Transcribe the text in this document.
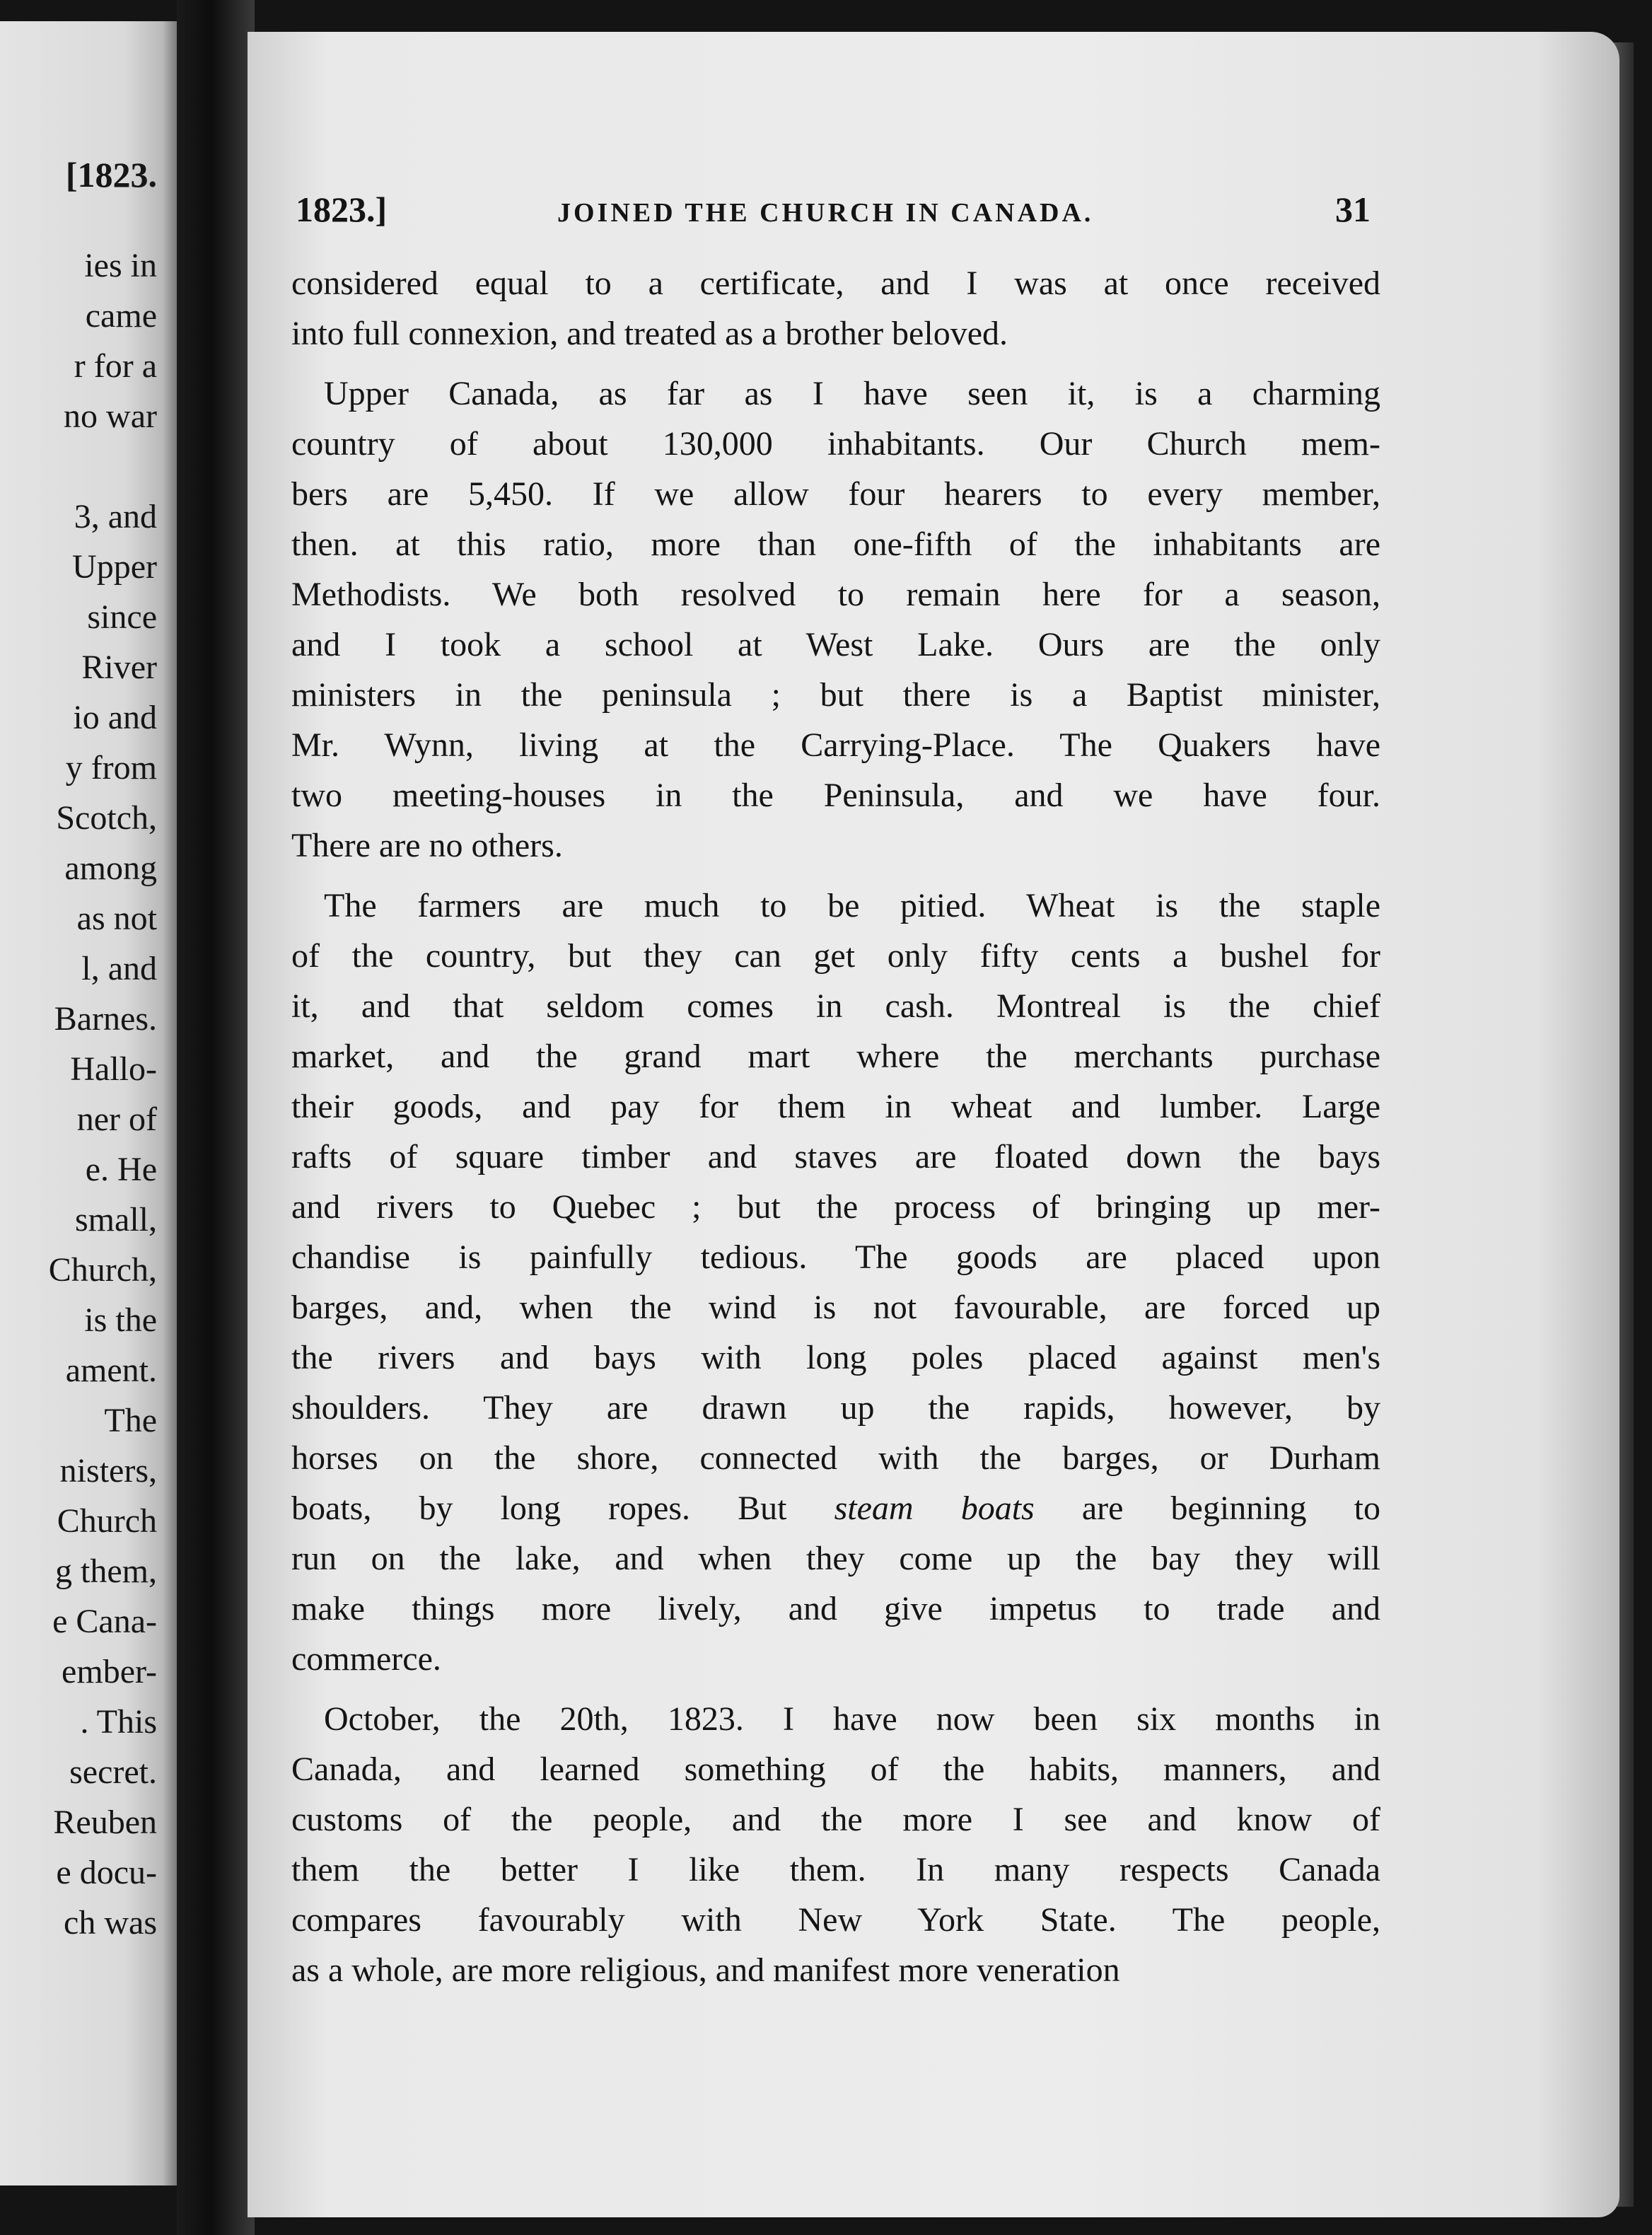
[1823.

ies in
came
r for a
no war
3, and
Upper
since
River
io and
y from
Scotch,
among
as not
l, and
Barnes.
Hallo-
ner of
e. He
small,
Church,
is the
ament.
The
nisters,
Church
g them,
e Cana-
ember-
. This
secret.
Reuben
e docu-
ch was
1823.]	JOINED THE CHURCH IN CANADA.	31
considered equal to a certificate, and I was at once received
into full connexion, and treated as a brother beloved.
Upper Canada, as far as I have seen it, is a charming
country of about 130,000 inhabitants. Our Church mem-
bers are 5,450. If we allow four hearers to every member,
then. at this ratio, more than one-fifth of the inhabitants are
Methodists. We both resolved to remain here for a season,
and I took a school at West Lake. Ours are the only
ministers in the peninsula ; but there is a Baptist minister,
Mr. Wynn, living at the Carrying-Place. The Quakers have
two meeting-houses in the Peninsula, and we have four.
There are no others.
The farmers are much to be pitied. Wheat is the staple
of the country, but they can get only fifty cents a bushel for
it, and that seldom comes in cash. Montreal is the chief
market, and the grand mart where the merchants purchase
their goods, and pay for them in wheat and lumber. Large
rafts of square timber and staves are floated down the bays
and rivers to Quebec ; but the process of bringing up mer-
chandise is painfully tedious. The goods are placed upon
barges, and, when the wind is not favourable, are forced up
the rivers and bays with long poles placed against men's
shoulders. They are drawn up the rapids, however, by
horses on the shore, connected with the barges, or Durham
boats, by long ropes. But steam boats are beginning to
run on the lake, and when they come up the bay they will
make things more lively, and give impetus to trade and
commerce.
October, the 20th, 1823. I have now been six months in
Canada, and learned something of the habits, manners, and
customs of the people, and the more I see and know of
them the better I like them. In many respects Canada
compares favourably with New York State. The people,
as a whole, are more religious, and manifest more veneration
